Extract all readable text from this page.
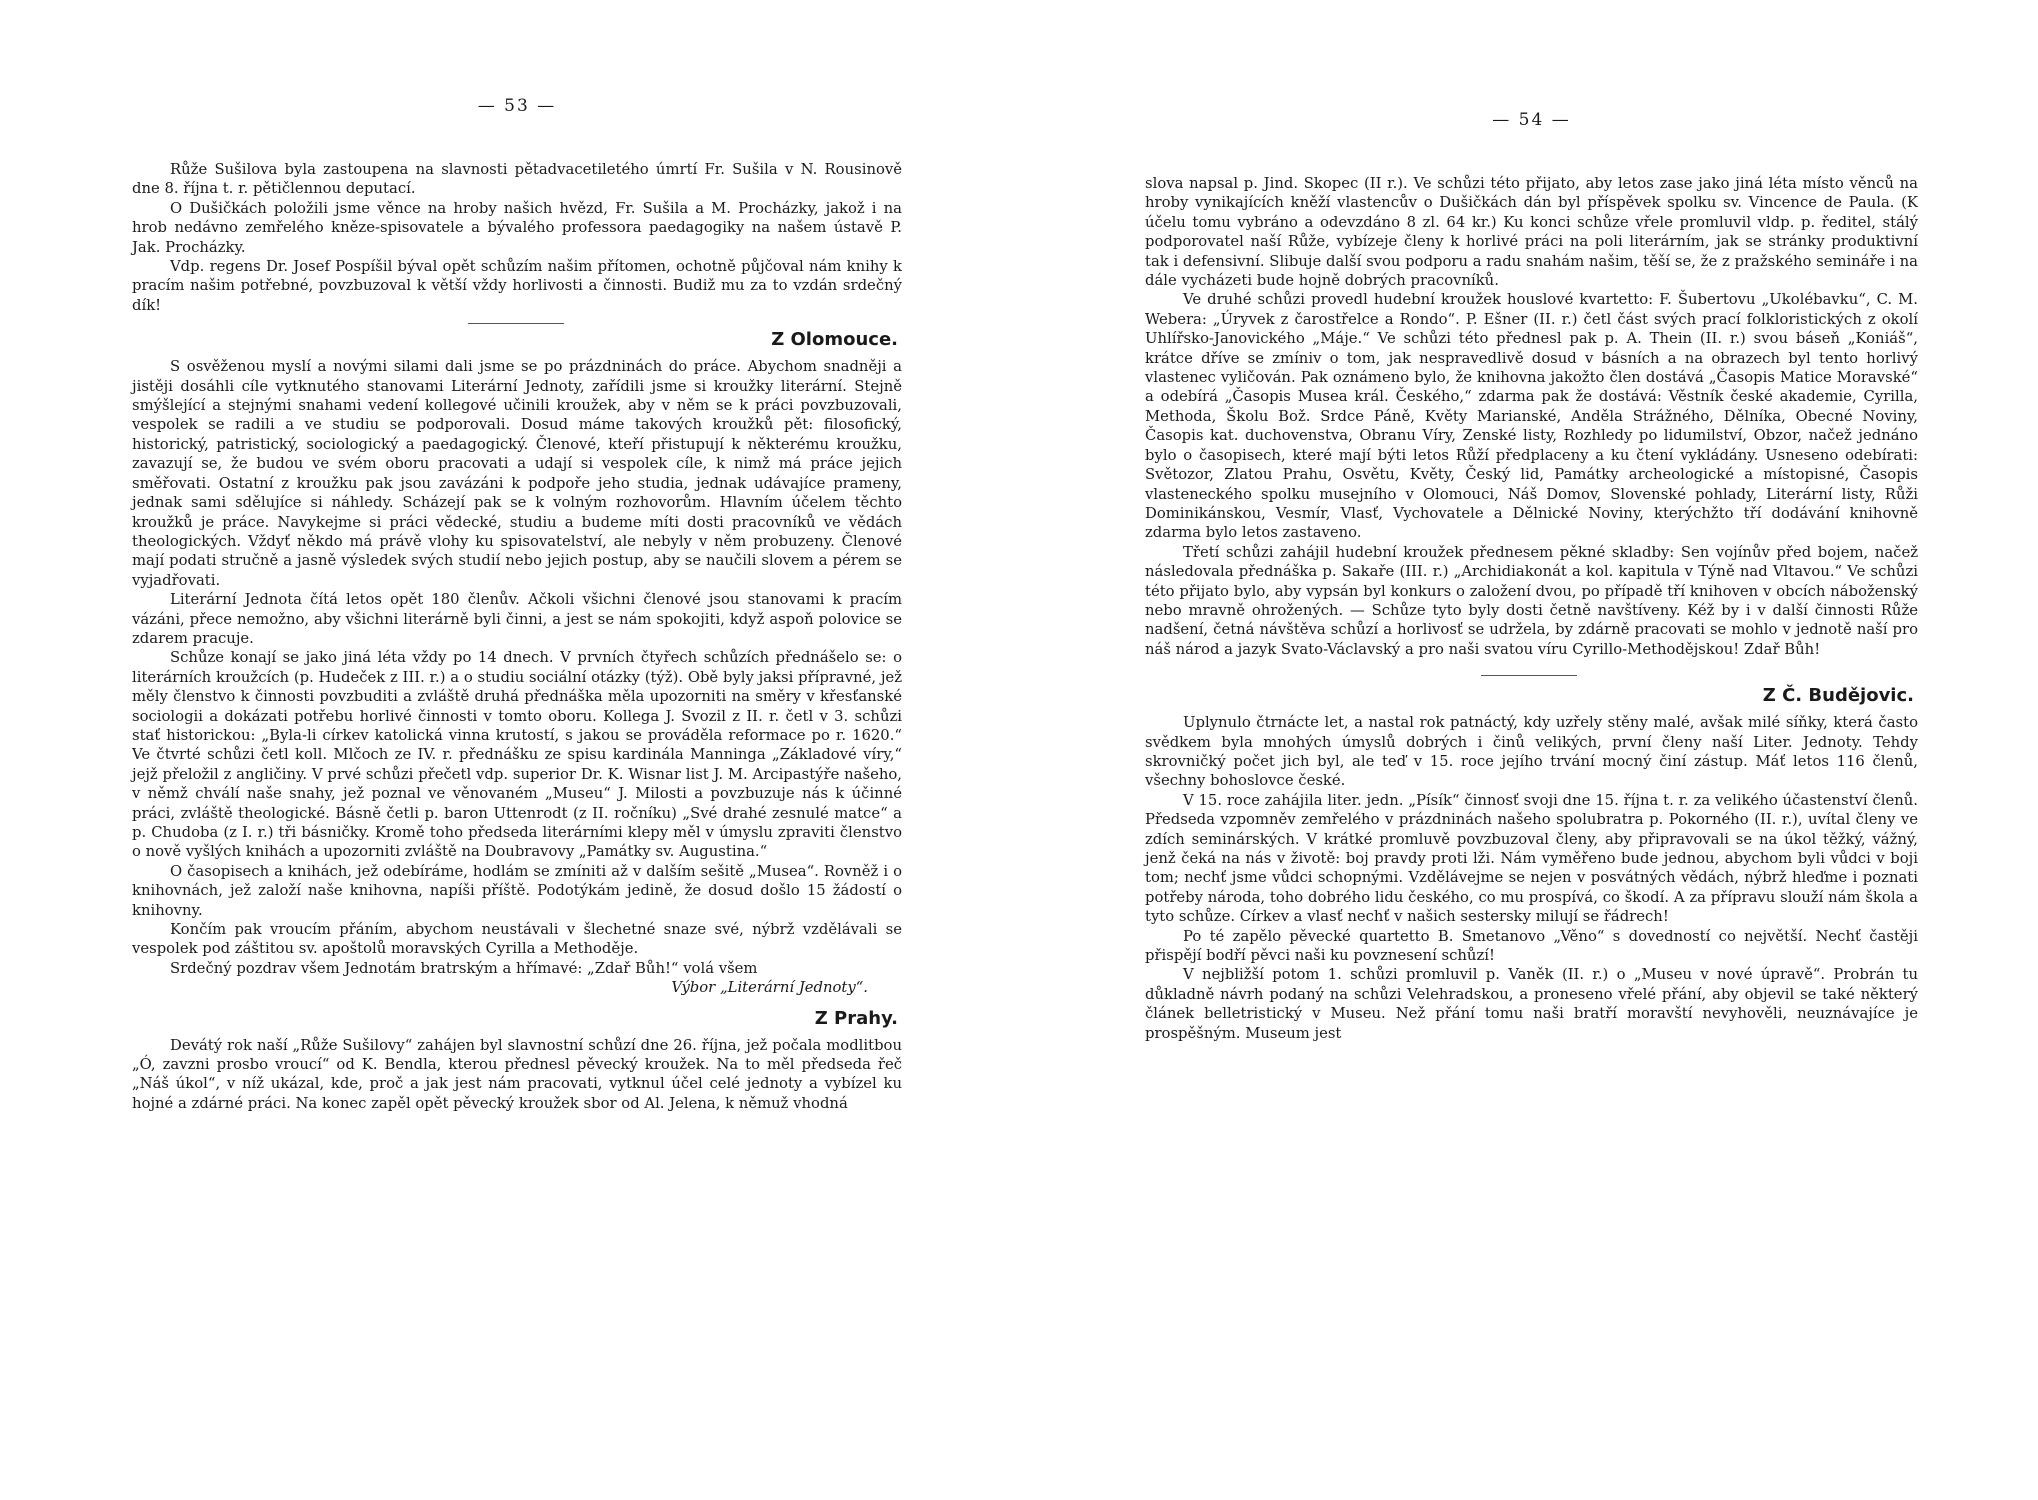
— 53 —

Růže Sušilova byla zastoupena na slavnosti pětadvacetiletého úmrtí Fr. Sušila v N. Rousinově dne 8. října t. r. pětičlennou deputací.

O Dušičkách položili jsme věnce na hroby našich hvězd, Fr. Sušila a M. Procházky, jakož i na hrob nedávno zemřelého kněze-spisovatele a bývalého professora paedagogiky na našem ústavě P. Jak. Procházky.

Vdp. regens Dr. Josef Pospíšil býval opět schůzím našim přítomen, ochotně půjčoval nám knihy k pracím našim potřebné, povzbuzoval k větší vždy horlivosti a činnosti. Budiž mu za to vzdán srdečný dík!

Z Olomouce.

S osvěženou myslí a novými silami dali jsme se po prázdninách do práce. Abychom snadněji a jistěji dosáhli cíle vytknutého stanovami Literární Jednoty, zařídili jsme si kroužky literární. Stejně smýšlející a stejnými snahami vedení kollegové učinili kroužek, aby v něm se k práci povzbuzovali, vespolek se radili a ve studiu se podporovali. Dosud máme takových kroužků pět: filosofický, historický, patristický, sociologický a paedagogický. Členové, kteří přistupují k některému kroužku, zavazují se, že budou ve svém oboru pracovati a udají si vespolek cíle, k nimž má práce jejich směřovati. Ostatní z kroužku pak jsou zavázáni k podpoře jeho studia, jednak udávajíce prameny, jednak sami sdělujíce si náhledy. Scházejí pak se k volným rozhovorům. Hlavním účelem těchto kroužků je práce. Navykejme si práci vědecké, studiu a budeme míti dosti pracovníků ve vědách theologických. Vždyť někdo má právě vlohy ku spisovatelství, ale nebyly v něm probuzeny. Členové mají podati stručně a jasně výsledek svých studií nebo jejich postup, aby se naučili slovem a pérem se vyjadřovati.

Literární Jednota čítá letos opět 180 členův. Ačkoli všichni členové jsou stanovami k pracím vázáni, přece nemožno, aby všichni literárně byli činni, a jest se nám spokojiti, když aspoň polovice se zdarem pracuje.

Schůze konají se jako jiná léta vždy po 14 dnech. V prvních čtyřech schůzích přednášelo se: o literárních kroužcích (p. Hudeček z III. r.) a o studiu sociální otázky (týž). Obě byly jaksi přípravné, jež měly členstvo k činnosti povzbuditi a zvláště druhá přednáška měla upozorniti na směry v křesťanské sociologii a dokázati potřebu horlivé činnosti v tomto oboru. Kollega J. Svozil z II. r. četl v 3. schůzi stať historickou: „Byla-li církev katolická vinna krutostí, s jakou se prováděla reformace po r. 1620.“ Ve čtvrté schůzi četl koll. Mlčoch ze IV. r. přednášku ze spisu kardinála Manninga „Základové víry,“ jejž přeložil z angličiny. V prvé schůzi přečetl vdp. superior Dr. K. Wisnar list J. M. Arcipastýře našeho, v němž chválí naše snahy, jež poznal ve věnovaném „Museu“ J. Milosti a povzbuzuje nás k účinné práci, zvláště theologické. Básně četli p. baron Uttenrodt (z II. ročníku) „Své drahé zesnulé matce“ a p. Chudoba (z I. r.) tři básničky. Kromě toho předseda literárními klepy měl v úmyslu zpraviti členstvo o nově vyšlých knihách a upozorniti zvláště na Doubravovy „Památky sv. Augustina.“

O časopisech a knihách, jež odebíráme, hodlám se zmíniti až v dalším sešitě „Musea“. Rovněž i o knihovnách, jež založí naše knihovna, napíši příště. Podotýkám jedině, že dosud došlo 15 žádostí o knihovny.

Končím pak vroucím přáním, abychom neustávali v šlechetné snaze své, nýbrž vzdělávali se vespolek pod záštitou sv. apoštolů moravských Cyrilla a Methoděje.

Srdečný pozdrav všem Jednotám bratrským a hřímavé: „Zdař Bůh!“ volá všem

Výbor „Literární Jednoty“.

Z Prahy.

Devátý rok naší „Růže Sušilovy“ zahájen byl slavnostní schůzí dne 26. října, jež počala modlitbou „Ó, zavzni prosbo vroucí“ od K. Bendla, kterou přednesl pěvecký kroužek. Na to měl předseda řeč „Náš úkol“, v níž ukázal, kde, proč a jak jest nám pracovati, vytknul účel celé jednoty a vybízel ku hojné a zdárné práci. Na konec zapěl opět pěvecký kroužek sbor od Al. Jelena, k němuž vhodná

— 54 —

slova napsal p. Jind. Skopec (II r.). Ve schůzi této přijato, aby letos zase jako jiná léta místo věnců na hroby vynikajících kněží vlastencův o Dušičkách dán byl příspěvek spolku sv. Vincence de Paula. (K účelu tomu vybráno a odevzdáno 8 zl. 64 kr.) Ku konci schůze vřele promluvil vldp. p. ředitel, stálý podporovatel naší Růže, vybízeje členy k horlivé práci na poli literárním, jak se stránky produktivní tak i defensivní. Slibuje další svou podporu a radu snahám našim, těší se, že z pražského semináře i na dále vycházeti bude hojně dobrých pracovníků.

Ve druhé schůzi provedl hudební kroužek houslové kvartetto: F. Šubertovu „Ukolébavku“, C. M. Webera: „Úryvek z čarostřelce a Rondo“. P. Ešner (II. r.) četl část svých prací folkloristických z okolí Uhlířsko-Janovického „Máje.“ Ve schůzi této přednesl pak p. A. Thein (II. r.) svou báseň „Koniáš“, krátce dříve se zmíniv o tom, jak nespravedlivě dosud v básních a na obrazech byl tento horlivý vlastenec vyličován. Pak oznámeno bylo, že knihovna jakožto člen dostává „Časopis Matice Moravské“ a odebírá „Časopis Musea král. Českého,“ zdarma pak že dostává: Věstník české akademie, Cyrilla, Methoda, Školu Bož. Srdce Páně, Květy Marianské, Anděla Strážného, Dělníka, Obecné Noviny, Časopis kat. duchovenstva, Obranu Víry, Zenské listy, Rozhledy po lidumilství, Obzor, načež jednáno bylo o časopisech, které mají býti letos Růží předplaceny a ku čtení vykládány. Usneseno odebírati: Světozor, Zlatou Prahu, Osvětu, Květy, Český lid, Památky archeologické a místopisné, Časopis vlasteneckého spolku musejního v Olomouci, Náš Domov, Slovenské pohlady, Literární listy, Růži Dominikánskou, Vesmír, Vlasť, Vychovatele a Dělnické Noviny, kterýchžto tří dodávání knihovně zdarma bylo letos zastaveno.

Třetí schůzi zahájil hudební kroužek přednesem pěkné skladby: Sen vojínův před bojem, načež následovala přednáška p. Sakaře (III. r.) „Archidiakonát a kol. kapitula v Týně nad Vltavou.“ Ve schůzi této přijato bylo, aby vypsán byl konkurs o založení dvou, po případě tří knihoven v obcích náboženský nebo mravně ohrožených. — Schůze tyto byly dosti četně navštíveny. Kéž by i v další činnosti Růže nadšení, četná návštěva schůzí a horlivosť se udržela, by zdárně pracovati se mohlo v jednotě naší pro náš národ a jazyk Svato-Václavský a pro naši svatou víru Cyrillo-Methodějskou! Zdař Bůh!

Z Č. Budějovic.

Uplynulo čtrnácte let, a nastal rok patnáctý, kdy uzřely stěny malé, avšak milé síňky, která často svědkem byla mnohých úmyslů dobrých i činů velikých, první členy naší Liter. Jednoty. Tehdy skrovničký počet jich byl, ale teď v 15. roce jejího trvání mocný činí zástup. Máť letos 116 členů, všechny bohoslovce české.

V 15. roce zahájila liter. jedn. „Písík“ činnosť svoji dne 15. října t. r. za velikého účastenství členů. Předseda vzpomněv zemřelého v prázdninách našeho spolubratra p. Pokorného (II. r.), uvítal členy ve zdích seminárských. V krátké promluvě povzbuzoval členy, aby připravovali se na úkol těžký, vážný, jenž čeká na nás v životě: boj pravdy proti lži. Nám vyměřeno bude jednou, abychom byli vůdci v boji tom; nechť jsme vůdci schopnými. Vzdělávejme se nejen v posvátných vědách, nýbrž hleďme i poznati potřeby národa, toho dobrého lidu českého, co mu prospívá, co škodí. A za přípravu slouží nám škola a tyto schůze. Církev a vlasť nechť v našich sestersky milují se řádrech!

Po té zapělo pěvecké quartetto B. Smetanovo „Věno“ s dovedností co největší. Nechť častěji přispějí bodří pěvci naši ku povznesení schůzí!

V nejbližší potom 1. schůzi promluvil p. Vaněk (II. r.) o „Museu v nové úpravě“. Probrán tu důkladně návrh podaný na schůzi Velehradskou, a proneseno vřelé přání, aby objevil se také některý článek belletristický v Museu. Než přání tomu naši bratří moravští nevyhověli, neuznávajíce je prospěšným. Museum jest
